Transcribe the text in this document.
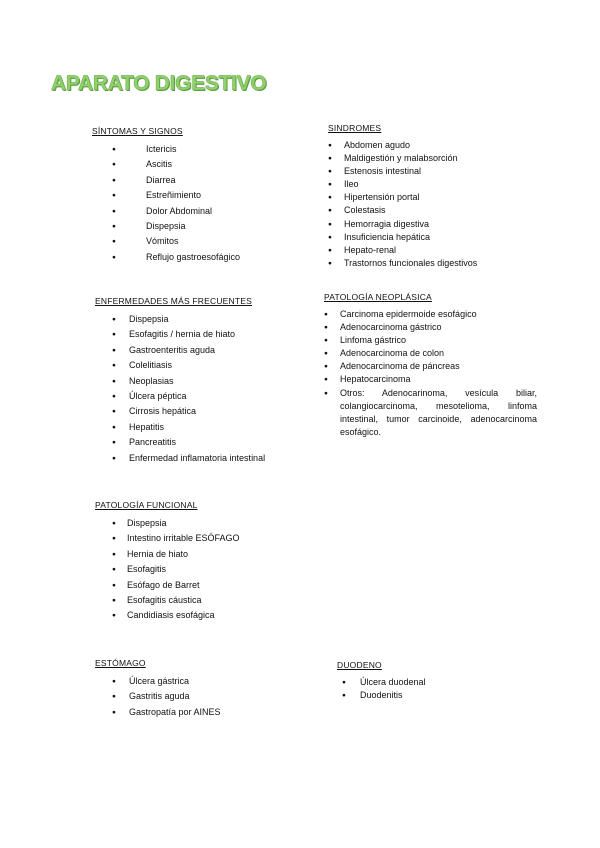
APARATO DIGESTIVO
SÍNTOMAS Y SIGNOS
● Ictericis
● Ascitis
● Diarrea
● Estreñimiento
● Dolor Abdominal
● Dispepsia
● Vómitos
● Reflujo gastroesofágico
SINDROMES
● Abdomen agudo
● Maldigestión y malabsorción
● Estenosis intestinal
● Ileo
● Hipertensión portal
● Colestasis
● Hemorragia digestiva
● Insuficiencia hepática
● Hepato-renal
● Trastornos funcionales digestivos
ENFERMEDADES MÁS FRECUENTES
● Dispepsia
● Esofagitis / hernia de hiato
● Gastroenteritis aguda
● Colelitiasis
● Neoplasias
● Úlcera péptica
● Cirrosis hepática
● Hepatitis
● Pancreatitis
● Enfermedad inflamatoria intestinal
PATOLOGÍA NEOPLÁSICA
● Carcinoma epidermoide esofágico
● Adenocarcinoma gástrico
● Linfoma gástrico
● Adenocarcinoma de colon
● Adenocarcinoma de páncreas
● Hepatocarcinoma
● Otros: Adenocarinoma, vesícula biliar, colangiocarcinoma, mesotelioma, linfoma intestinal, tumor carcinoide, adenocarcinoma esofágico.
PATOLOGÍA FUNCIONAL
● Dispepsia
● Intestino irritable ESÓFAGO
● Hernia de hiato
● Esofagitis
● Esófago de Barret
● Esofagitis cáustica
● Candidiasis esofágica
ESTÓMAGO
● Úlcera gástrica
● Gastritis aguda
● Gastropatía por AINES
DUODENO
● Úlcera duodenal
● Duodenitis
